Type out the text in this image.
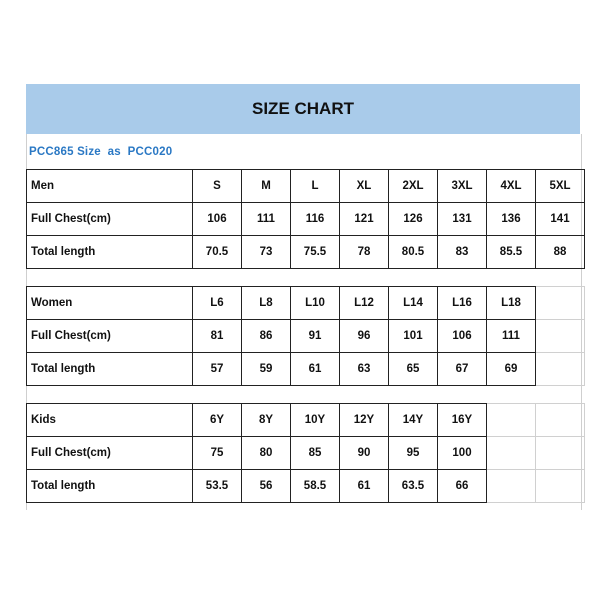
SIZE CHART
PCC865 Size  as  PCC020
Men	S	M	L	XL	2XL	3XL	4XL	5XL
Full Chest(cm)	106	111	116	121	126	131	136	141
Total length	70.5	73	75.5	78	80.5	83	85.5	88
Women	L6	L8	L10	L12	L14	L16	L18	
Full Chest(cm)	81	86	91	96	101	106	111	
Total length	57	59	61	63	65	67	69	
Kids	6Y	8Y	10Y	12Y	14Y	16Y		
Full Chest(cm)	75	80	85	90	95	100		
Total length	53.5	56	58.5	61	63.5	66		
